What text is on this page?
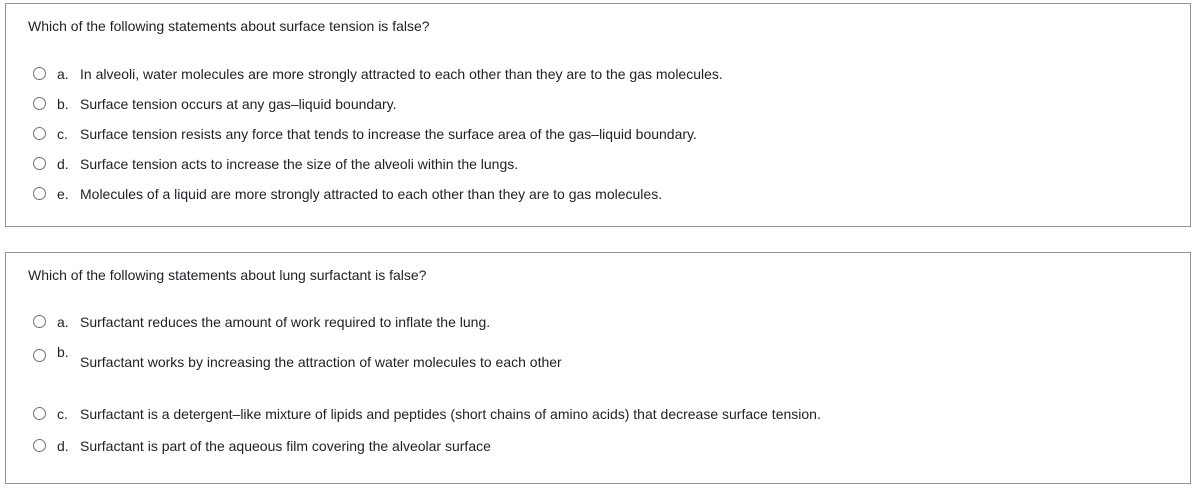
Which of the following statements about surface tension is false?
a. In alveoli, water molecules are more strongly attracted to each other than they are to the gas molecules.
b. Surface tension occurs at any gas–liquid boundary.
c. Surface tension resists any force that tends to increase the surface area of the gas–liquid boundary.
d. Surface tension acts to increase the size of the alveoli within the lungs.
e. Molecules of a liquid are more strongly attracted to each other than they are to gas molecules.
Which of the following statements about lung surfactant is false?
a. Surfactant reduces the amount of work required to inflate the lung.
b.
Surfactant works by increasing the attraction of water molecules to each other
c. Surfactant is a detergent–like mixture of lipids and peptides (short chains of amino acids) that decrease surface tension.
d. Surfactant is part of the aqueous film covering the alveolar surface
